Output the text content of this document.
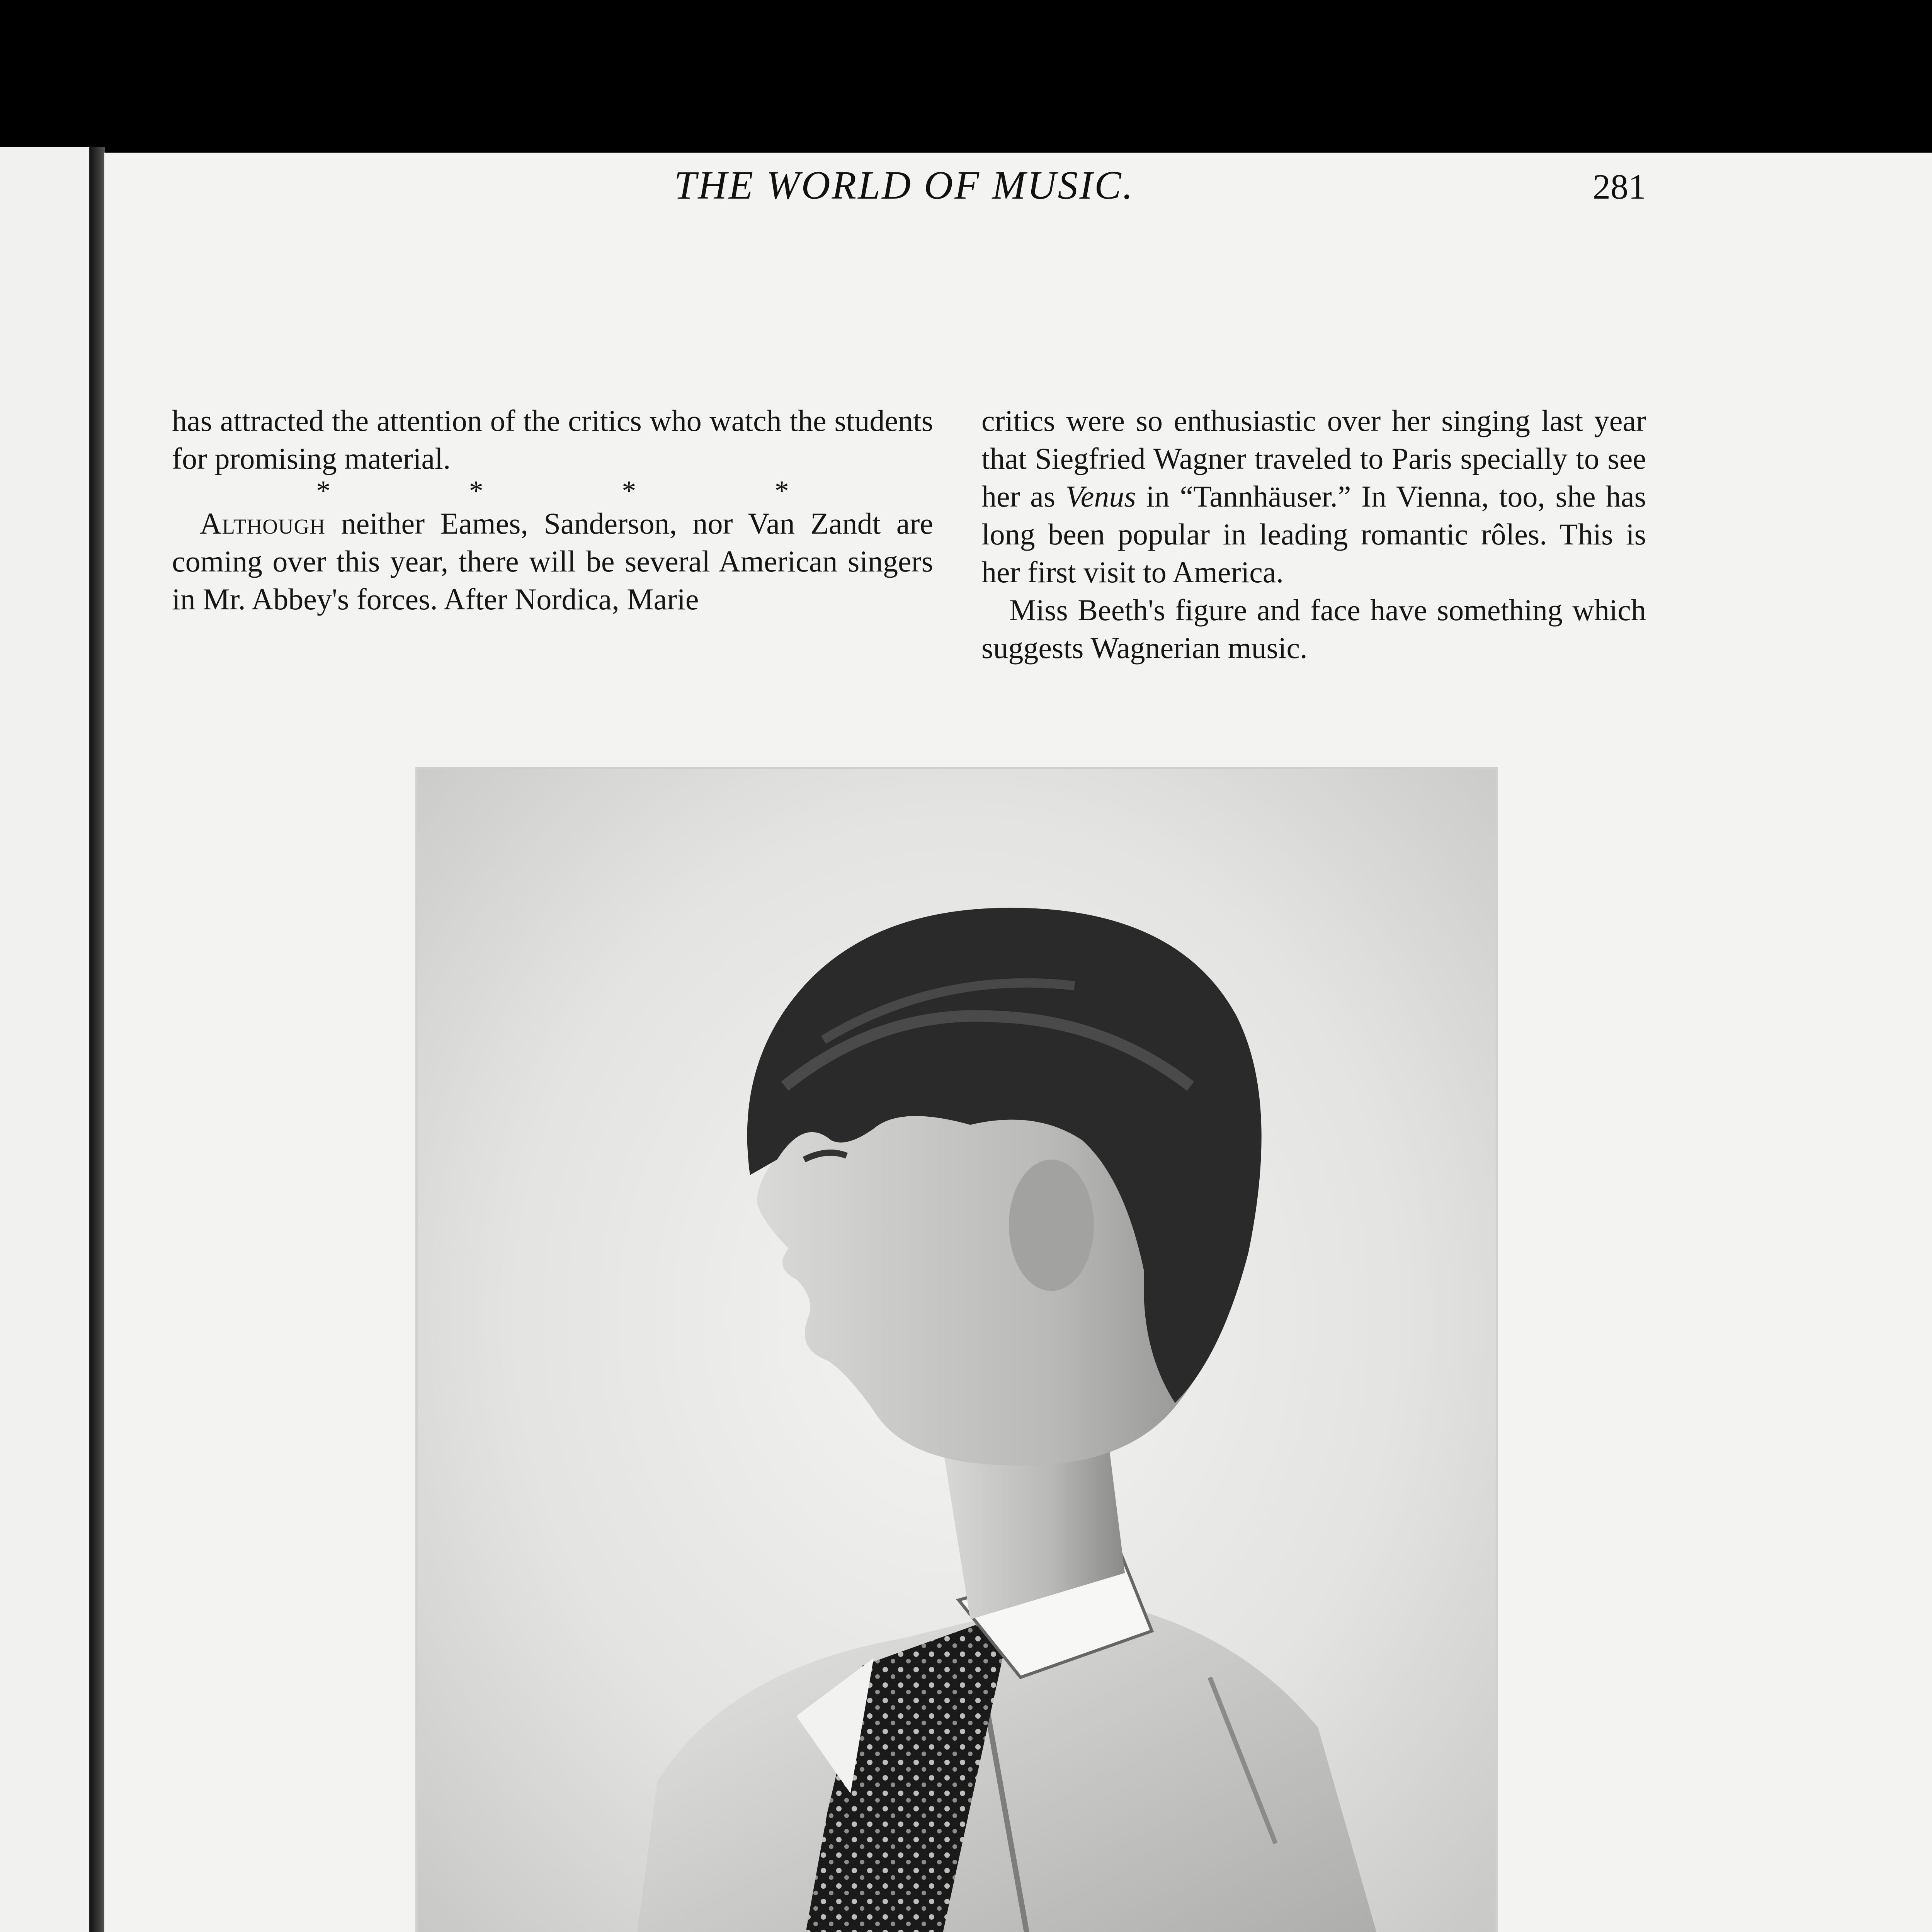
THE WORLD OF MUSIC.	281

has attracted the attention of the critics who watch the students for promising material.

* * * *

Although neither Eames, Sanderson, nor Van Zandt are coming over this year, there will be several American singers in Mr. Abbey's forces. After Nordica, Marie

critics were so enthusiastic over her singing last year that Siegfried Wagner traveled to Paris specially to see her as Venus in “Tannhäuser.” In Vienna, too, she has long been popular in leading romantic rôles. This is her first visit to America.

Miss Beeth's figure and face have something which suggests Wagnerian music.
